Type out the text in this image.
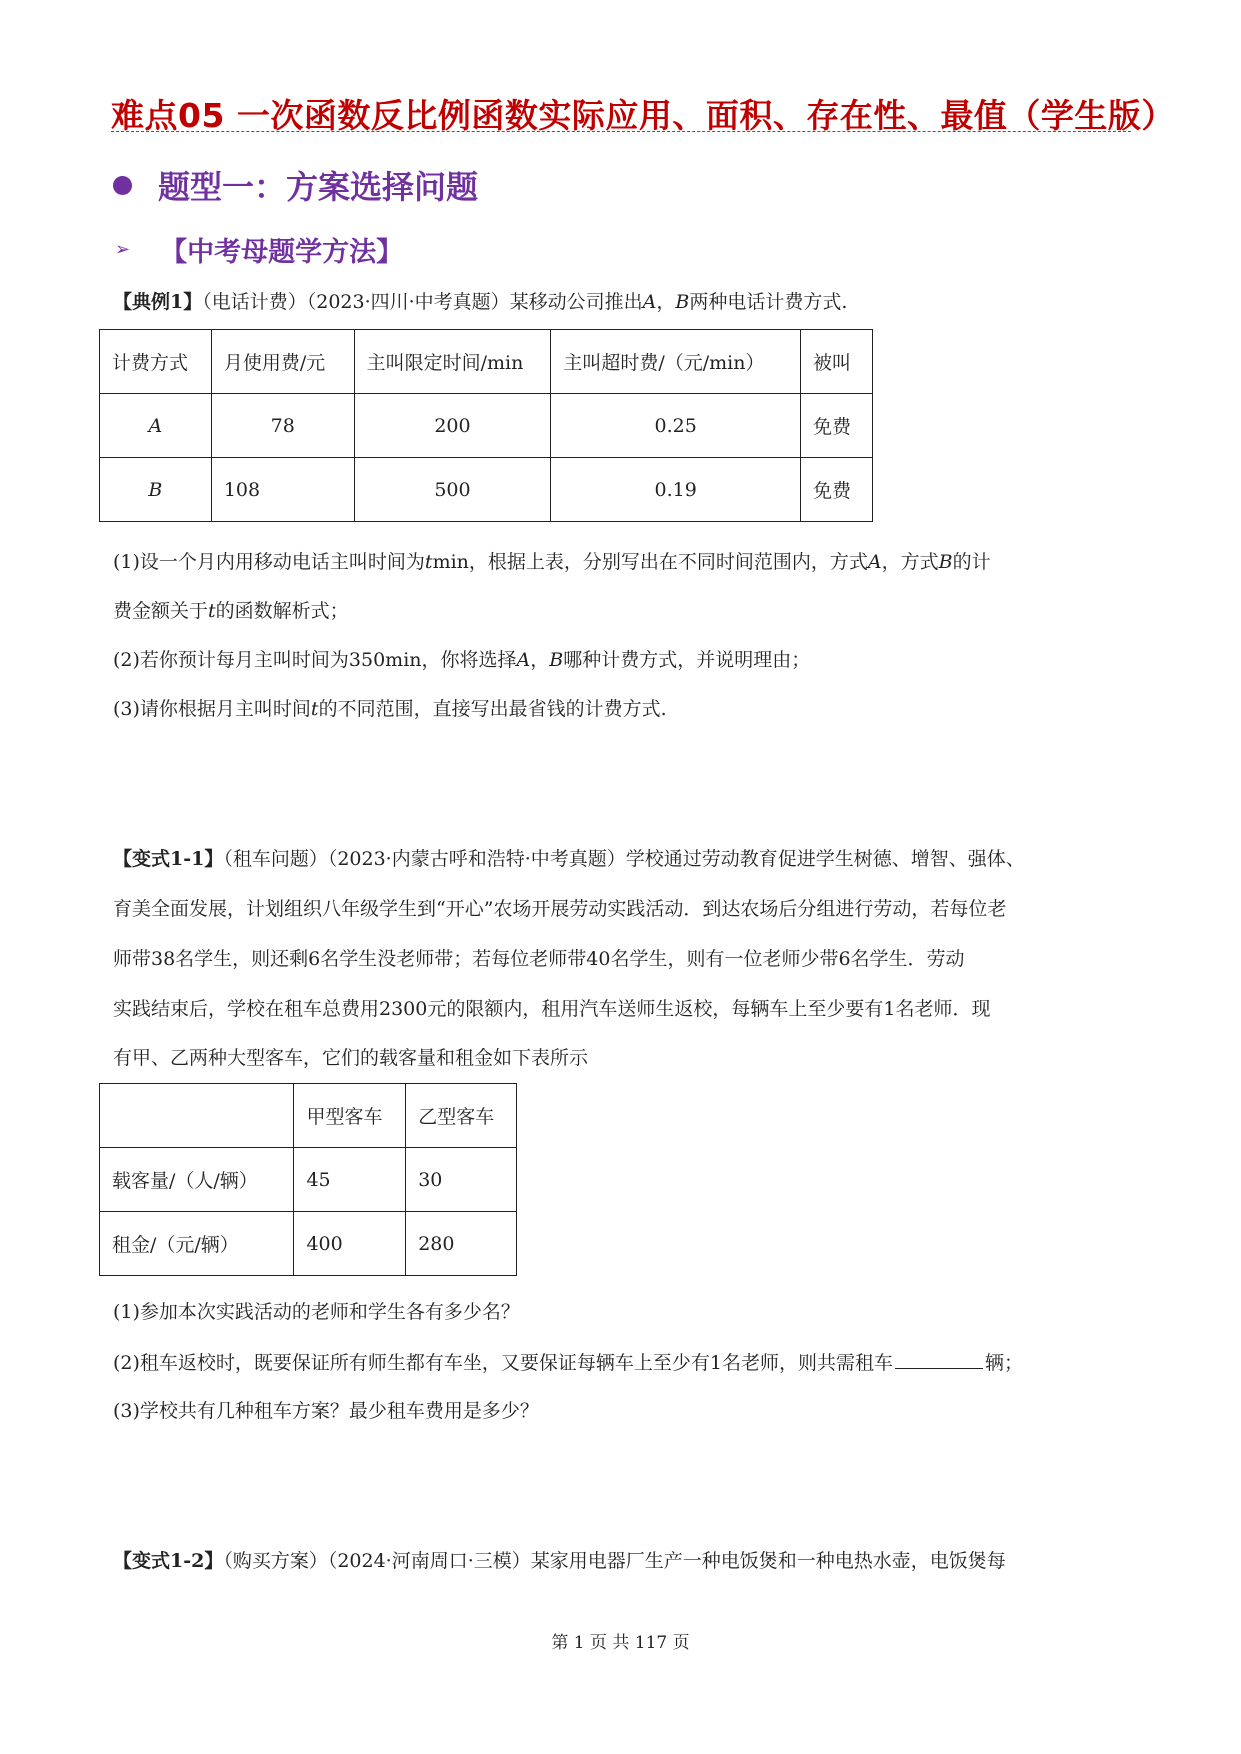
难点05 一次函数反比例函数实际应用、面积、存在性、最值（学生版）
题型一：方案选择问题
➢ 【中考母题学方法】
【典例1】（电话计费）（2023·四川·中考真题）某移动公司推出A，B两种电话计费方式.
计费方式	月使用费/元	主叫限定时间/min	主叫超时费/（元/min）	被叫
A	78	200	0.25	免费
B	108	500	0.19	免费
(1)设一个月内用移动电话主叫时间为tmin，根据上表，分别写出在不同时间范围内，方式A，方式B的计
费金额关于t的函数解析式；
(2)若你预计每月主叫时间为350min，你将选择A，B哪种计费方式，并说明理由；
(3)请你根据月主叫时间t的不同范围，直接写出最省钱的计费方式.
【变式1-1】（租车问题）（2023·内蒙古呼和浩特·中考真题）学校通过劳动教育促进学生树德、增智、强体、
育美全面发展，计划组织八年级学生到“开心”农场开展劳动实践活动．到达农场后分组进行劳动，若每位老
师带38名学生，则还剩6名学生没老师带；若每位老师带40名学生，则有一位老师少带6名学生．劳动
实践结束后，学校在租车总费用2300元的限额内，租用汽车送师生返校，每辆车上至少要有1名老师．现
有甲、乙两种大型客车，它们的载客量和租金如下表所示
	甲型客车	乙型客车
载客量/（人/辆）	45	30
租金/（元/辆）	400	280
(1)参加本次实践活动的老师和学生各有多少名？
(2)租车返校时，既要保证所有师生都有车坐，又要保证每辆车上至少有1名老师，则共需租车	辆；
(3)学校共有几种租车方案？最少租车费用是多少？
【变式1-2】（购买方案）（2024·河南周口·三模）某家用电器厂生产一种电饭煲和一种电热水壶，电饭煲每
第 1 页 共 117 页
